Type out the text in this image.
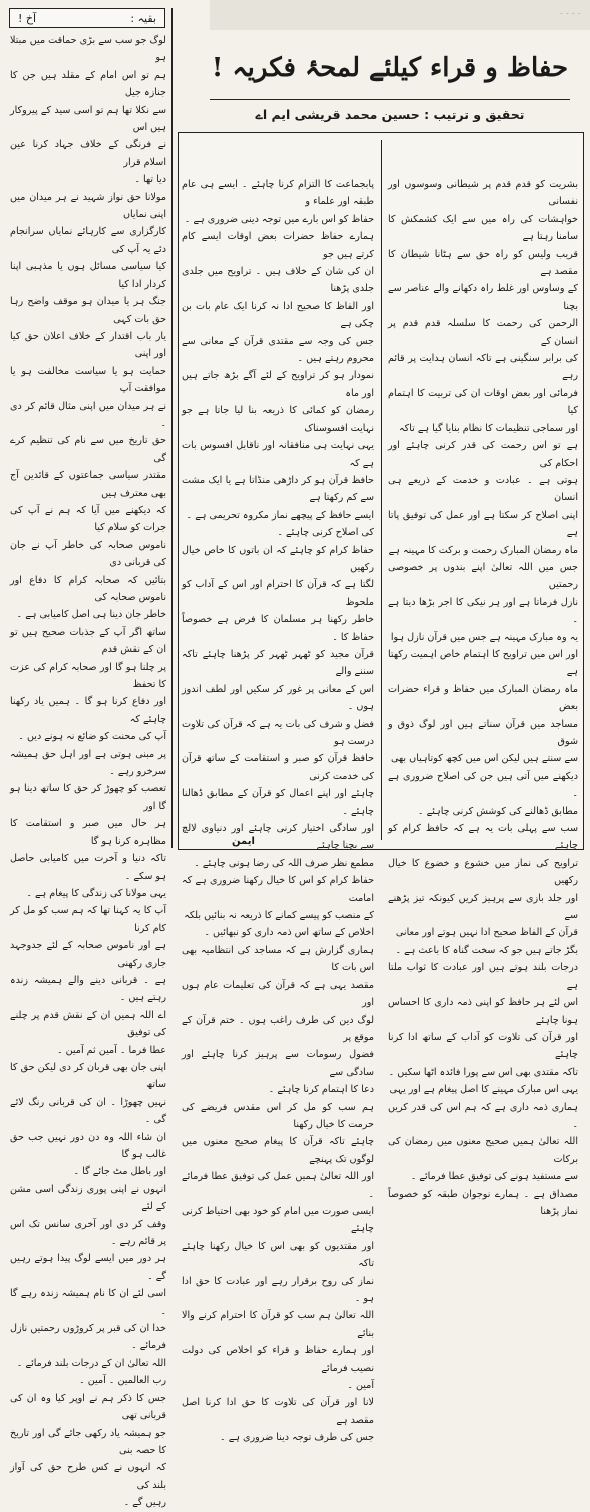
۔۔۔۔
بقیہ :
آخ !

لوگ جو سب سے بڑی حماقت میں مبتلا ہو

ہم تو اس امام کے مقلد ہیں جن کا جنازہ جیل

سے نکلا تھا ہم تو اسی سید کے پیروکار ہیں اس

نے فرنگی کے خلاف جہاد کرنا عین اسلام قرار

دیا تھا ۔

مولانا حق نواز شہید نے ہر میدان میں اپنی نمایاں

کارگزاری سے کارہائے نمایاں سرانجام دئے یہ آپ کی

کیا سیاسی مسائل ہوں یا مذہبی اپنا کردار ادا کیا

جنگ ہر یا میدان ہو موقف واضح رہا حق بات کہی

یار باب اقتدار کے خلاف اعلان حق کیا اور اپنی

حمایت ہو یا سیاست مخالفت ہو یا موافقت آپ

نے ہر میدان میں اپنی مثال قائم کر دی ۔

حق تاریخ میں سے نام کی تنظیم کرے گی

مقتدر سیاسی جماعتوں کے قائدین آج بھی معترف ہیں

کہ دیکھنے میں آیا کہ ہم نے آپ کی جرات کو سلام کیا

ناموس صحابہ کی خاطر آپ نے جان کی قربانی دی

بتائیں کہ صحابہ کرام کا دفاع اور ناموس صحابہ کی

خاطر جان دینا ہی اصل کامیابی ہے ۔

ساتھ اگر آپ کے جذبات صحیح ہیں تو ان کے نقش قدم

پر چلنا ہو گا اور صحابہ کرام کی عزت کا تحفظ

اور دفاع کرنا ہو گا ۔ ہمیں یاد رکھنا چاہئے کہ

آپ کی محنت کو ضائع نہ ہونے دیں ۔

پر مبنی ہوتی ہے اور اہل حق ہمیشہ سرخرو رہے ۔

تعصب کو چھوڑ کر حق کا ساتھ دینا ہو گا اور

ہر حال میں صبر و استقامت کا مظاہرہ کرنا ہو گا

تاکہ دنیا و آخرت میں کامیابی حاصل ہو سکے ۔

یہی مولانا کی زندگی کا پیغام ہے ۔

آپ کا یہ کہنا تھا کہ ہم سب کو مل کر کام کرنا

ہے اور ناموس صحابہ کے لئے جدوجہد جاری رکھنی

ہے ۔ قربانی دینے والے ہمیشہ زندہ رہتے ہیں ۔

اے اللہ ہمیں ان کے نقش قدم پر چلنے کی توفیق

عطا فرما ۔ آمین ثم آمین ۔

اپنی جان بھی قربان کر دی لیکن حق کا ساتھ

نہیں چھوڑا ۔ ان کی قربانی رنگ لائے گی ۔

ان شاء اللہ وہ دن دور نہیں جب حق غالب ہو گا

اور باطل مٹ جائے گا ۔

انہوں نے اپنی پوری زندگی اسی مشن کے لئے

وقف کر دی اور آخری سانس تک اس پر قائم رہے ۔

ہر دور میں ایسے لوگ پیدا ہوتے رہیں گے ۔

اسی لئے ان کا نام ہمیشہ زندہ رہے گا ۔

خدا ان کی قبر پر کروڑوں رحمتیں نازل فرمائے ۔

اللہ تعالیٰ ان کے درجات بلند فرمائے ۔

رب العالمین ۔ آمین ۔

جس کا ذکر ہم نے اوپر کیا وہ ان کی قربانی تھی

جو ہمیشہ یاد رکھی جائے گی اور تاریخ کا حصہ بنی

کہ انہوں نے کس طرح حق کی آواز بلند کی

رہیں گے ۔

حفاظ و قراء کیلئے لمحۂ فکریہ !
تحقیق و ترتیب : حسین محمد قریشی ایم اے

پابجماعت کا التزام کرنا چاہئے ۔ ایسے ہی عام طبقہ اور علماء و

حفاظ کو اس بارے میں توجہ دینی ضروری ہے ۔

ہمارے حفاظ حضرات بعض اوقات ایسے کام کرتے ہیں جو

ان کی شان کے خلاف ہیں ۔ تراویح میں جلدی جلدی پڑھنا

اور الفاظ کا صحیح ادا نہ کرنا ایک عام بات بن چکی ہے

جس کی وجہ سے مقتدی قرآن کے معانی سے محروم رہتے ہیں ۔

نمودار ہو کر تراویح کے لئے آگے بڑھ جاتے ہیں اور ماہ

رمضان کو کمائی کا ذریعہ بنا لیا جاتا ہے جو نہایت افسوسناک

یہی نہایت ہی منافقانہ اور ناقابل افسوس بات ہے کہ

حافظ قرآن ہو کر داڑھی منڈاتا ہے یا ایک مشت سے کم رکھتا ہے

ایسے حافظ کے پیچھے نماز مکروہ تحریمی ہے ۔

کی اصلاح کرنی چاہئے ۔

حفاظ کرام کو چاہئے کہ ان باتوں کا خاص خیال رکھیں

لگتا ہے کہ قرآن کا احترام اور اس کے آداب کو ملحوظ

خاطر رکھنا ہر مسلمان کا فرض ہے خصوصاً حفاظ کا ۔

قرآن مجید کو ٹھہر ٹھہر کر پڑھنا چاہئے تاکہ سننے والے

اس کے معانی پر غور کر سکیں اور لطف اندوز ہوں ۔

فضل و شرف کی بات یہ ہے کہ قرآن کی تلاوت درست ہو

حافظ قرآن کو صبر و استقامت کے ساتھ قرآن کی خدمت کرنی

چاہئے اور اپنے اعمال کو قرآن کے مطابق ڈھالنا چاہئے ۔

اور سادگی اختیار کرنی چاہئے اور دنیاوی لالچ سے بچنا چاہئے

مطمع نظر صرف اللہ کی رضا ہونی چاہئے ۔

حفاظ کرام کو اس کا خیال رکھنا ضروری ہے کہ امامت

کے منصب کو پیسے کمانے کا ذریعہ نہ بنائیں بلکہ

اخلاص کے ساتھ اس ذمہ داری کو نبھائیں ۔

ہماری گزارش ہے کہ مساجد کی انتظامیہ بھی اس بات کا

مقصد یہی ہے کہ قرآن کی تعلیمات عام ہوں اور

لوگ دین کی طرف راغب ہوں ۔ ختم قرآن کے موقع پر

فضول رسومات سے پرہیز کرنا چاہئے اور سادگی سے

دعا کا اہتمام کرنا چاہئے ۔

ہم سب کو مل کر اس مقدس فریضے کی حرمت کا خیال رکھنا

چاہئے تاکہ قرآن کا پیغام صحیح معنوں میں لوگوں تک پہنچے

اور اللہ تعالیٰ ہمیں عمل کی توفیق عطا فرمائے ۔

ایسی صورت میں امام کو خود بھی احتیاط کرنی چاہئے

اور مقتدیوں کو بھی اس کا خیال رکھنا چاہئے تاکہ

نماز کی روح برقرار رہے اور عبادت کا حق ادا ہو ۔

اللہ تعالیٰ ہم سب کو قرآن کا احترام کرنے والا بنائے

اور ہمارے حفاظ و قراء کو اخلاص کی دولت نصیب فرمائے

آمین ۔

لانا اور قرآن کی تلاوت کا حق ادا کرنا اصل مقصد ہے

جس کی طرف توجہ دینا ضروری ہے ۔

بشریت کو قدم قدم پر شیطانی وسوسوں اور نفسانی

خواہشات کی راہ میں سے ایک کشمکش کا سامنا رہتا ہے

قریب ولیس کو راہ حق سے ہٹانا شیطان کا مقصد ہے

کے وساوس اور غلط راہ دکھانے والے عناصر سے بچنا

الرحمن کی رحمت کا سلسلہ قدم قدم پر انسان کے

کی برابر سنگینی ہے تاکہ انسان ہدایت پر قائم رہے

فرمائی اور بعض اوقات ان کی تربیت کا اہتمام کیا

اور سماجی تنظیمات کا نظام بنایا گیا ہے تاکہ

ہے تو اس رحمت کی قدر کرنی چاہئے اور احکام کی

ہوتی ہے ۔ عبادت و خدمت کے ذریعے ہی انسان

اپنی اصلاح کر سکتا ہے اور عمل کی توفیق پاتا ہے

ماہ رمضان المبارک رحمت و برکت کا مہینہ ہے

جس میں اللہ تعالیٰ اپنے بندوں پر خصوصی رحمتیں

نازل فرماتا ہے اور ہر نیکی کا اجر بڑھا دیتا ہے ۔

یہ وہ مبارک مہینہ ہے جس میں قرآن نازل ہوا

اور اس میں تراویح کا اہتمام خاص اہمیت رکھتا ہے

ماہ رمضان المبارک میں حفاظ و قراء حضرات بعض

مساجد میں قرآن سناتے ہیں اور لوگ ذوق و شوق

سے سنتے ہیں لیکن اس میں کچھ کوتاہیاں بھی

دیکھنے میں آتی ہیں جن کی اصلاح ضروری ہے ۔

مطابق ڈھالنے کی کوشش کرنی چاہئے ۔

سب سے پہلی بات یہ ہے کہ حافظ کرام کو چاہئے

تراویح کی نماز میں خشوع و خضوع کا خیال رکھیں

اور جلد بازی سے پرہیز کریں کیونکہ تیز پڑھنے سے

قرآن کے الفاظ صحیح ادا نہیں ہوتے اور معانی

بگڑ جاتے ہیں جو کہ سخت گناہ کا باعث ہے ۔

درجات بلند ہوتے ہیں اور عبادت کا ثواب ملتا ہے

اس لئے ہر حافظ کو اپنی ذمہ داری کا احساس ہونا چاہئے

اور قرآن کی تلاوت کو آداب کے ساتھ ادا کرنا چاہئے

تاکہ مقتدی بھی اس سے پورا فائدہ اٹھا سکیں ۔

یہی اس مبارک مہینے کا اصل پیغام ہے اور یہی

ہماری ذمہ داری ہے کہ ہم اس کی قدر کریں ۔

اللہ تعالیٰ ہمیں صحیح معنوں میں رمضان کی برکات

سے مستفید ہونے کی توفیق عطا فرمائے ۔

مصداق ہے ۔ ہمارے نوجوان طبقہ کو خصوصاً نماز پڑھنا

ایمن
